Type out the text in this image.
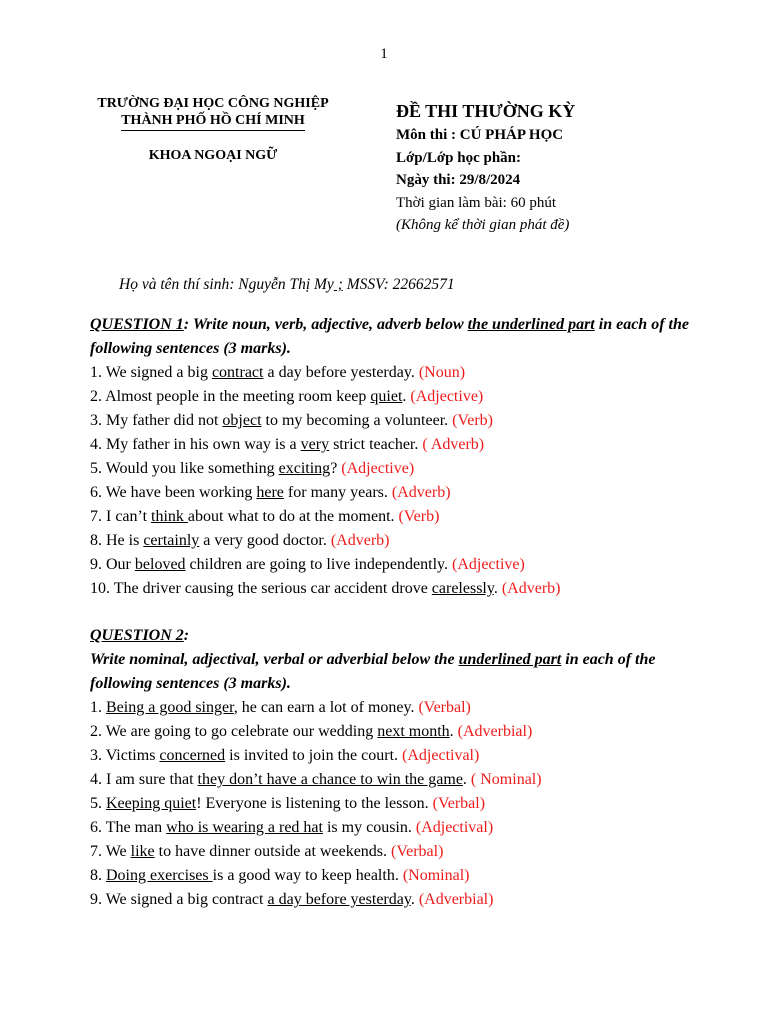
1
TRƯỜNG ĐẠI HỌC CÔNG NGHIỆP
THÀNH PHỐ HỒ CHÍ MINH
KHOA NGOẠI NGỮ
ĐỀ THI THƯỜNG KỲ
Môn thi : CÚ PHÁP HỌC
Lớp/Lớp học phần:
Ngày thi: 29/8/2024
Thời gian làm bài: 60 phút
(Không kể thời gian phát đề)
Họ và tên thí sinh: Nguyễn Thị My ; MSSV: 22662571
QUESTION 1: Write noun, verb, adjective, adverb below the underlined part in each of the following sentences (3 marks).
1. We signed a big contract a day before yesterday. (Noun)
2. Almost people in the meeting room keep quiet. (Adjective)
3. My father did not object to my becoming a volunteer. (Verb)
4. My father in his own way is a very strict teacher. ( Adverb)
5. Would you like something exciting? (Adjective)
6. We have been working here for many years. (Adverb)
7. I can’t think about what to do at the moment. (Verb)
8. He is certainly a very good doctor. (Adverb)
9. Our beloved children are going to live independently. (Adjective)
10. The driver causing the serious car accident drove carelessly. (Adverb)
QUESTION 2:
Write nominal, adjectival, verbal or adverbial below the underlined part in each of the following sentences (3 marks).
1. Being a good singer, he can earn a lot of money. (Verbal)
2. We are going to go celebrate our wedding next month. (Adverbial)
3. Victims concerned is invited to join the court. (Adjectival)
4. I am sure that they don’t have a chance to win the game. ( Nominal)
5. Keeping quiet! Everyone is listening to the lesson. (Verbal)
6. The man who is wearing a red hat is my cousin. (Adjectival)
7. We like to have dinner outside at weekends. (Verbal)
8. Doing exercises is a good way to keep health. (Nominal)
9. We signed a big contract a day before yesterday. (Adverbial)
